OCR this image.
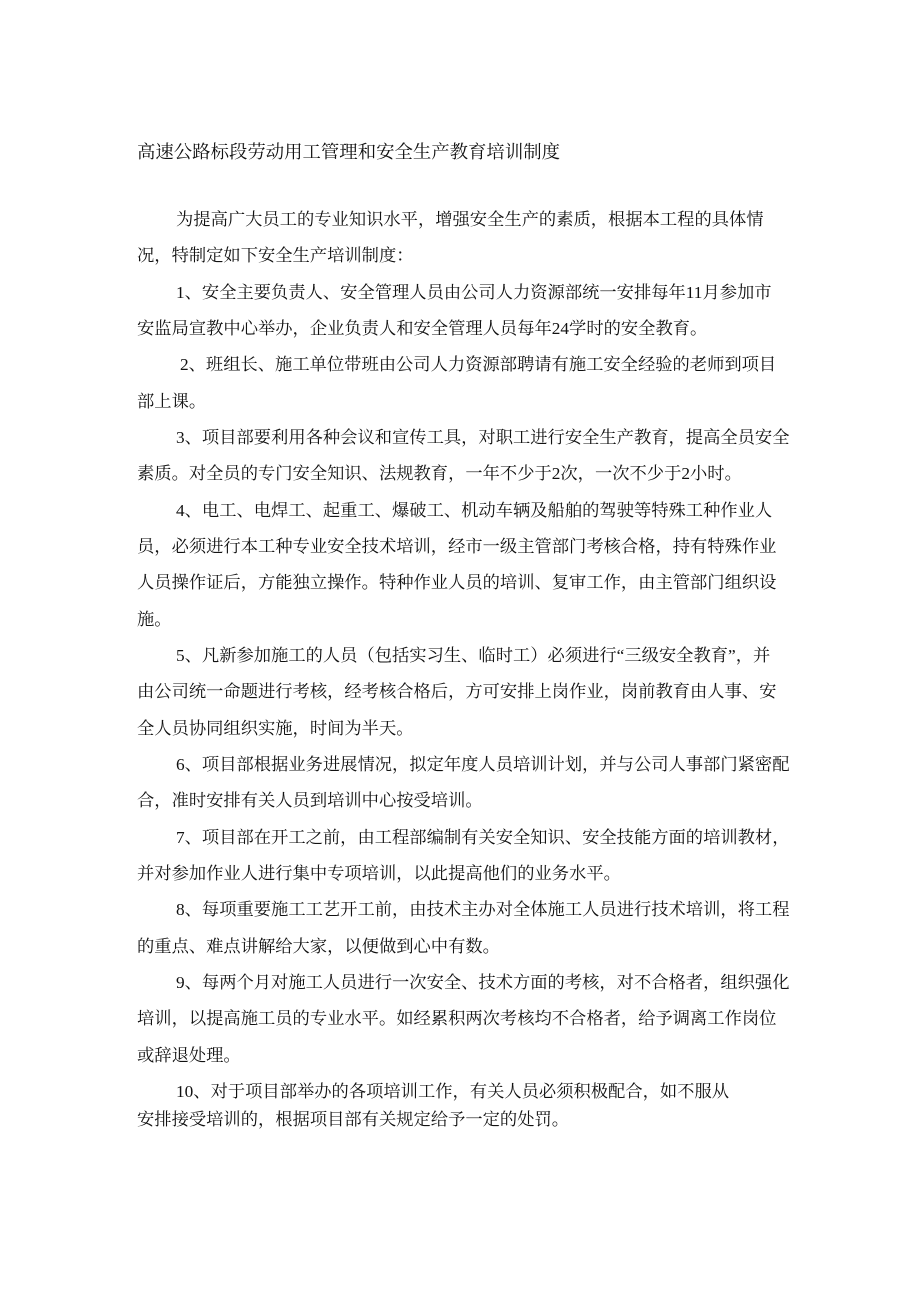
高速公路标段劳动用工管理和安全生产教育培训制度
为提高广大员工的专业知识水平，增强安全生产的素质，根据本工程的具体情
况，特制定如下安全生产培训制度：
1、安全主要负责人、安全管理人员由公司人力资源部统一安排每年11月参加市
安监局宣教中心举办，企业负责人和安全管理人员每年24学时的安全教育。
2、班组长、施工单位带班由公司人力资源部聘请有施工安全经验的老师到项目
部上课。
3、项目部要利用各种会议和宣传工具，对职工进行安全生产教育，提高全员安全
素质。对全员的专门安全知识、法规教育，一年不少于2次，一次不少于2小时。
4、电工、电焊工、起重工、爆破工、机动车辆及船舶的驾驶等特殊工种作业人
员，必须进行本工种专业安全技术培训，经市一级主管部门考核合格，持有特殊作业
人员操作证后，方能独立操作。特种作业人员的培训、复审工作，由主管部门组织设
施。
5、凡新参加施工的人员（包括实习生、临时工）必须进行“三级安全教育”，并
由公司统一命题进行考核，经考核合格后，方可安排上岗作业，岗前教育由人事、安
全人员协同组织实施，时间为半天。
6、项目部根据业务进展情况，拟定年度人员培训计划，并与公司人事部门紧密配
合，准时安排有关人员到培训中心按受培训。
7、项目部在开工之前，由工程部编制有关安全知识、安全技能方面的培训教材，
并对参加作业人进行集中专项培训，以此提高他们的业务水平。
8、每项重要施工工艺开工前，由技术主办对全体施工人员进行技术培训，将工程
的重点、难点讲解给大家，以便做到心中有数。
9、每两个月对施工人员进行一次安全、技术方面的考核，对不合格者，组织强化
培训，以提高施工员的专业水平。如经累积两次考核均不合格者，给予调离工作岗位
或辞退处理。
10、对于项目部举办的各项培训工作，有关人员必须积极配合，如不服从
安排接受培训的，根据项目部有关规定给予一定的处罚。
